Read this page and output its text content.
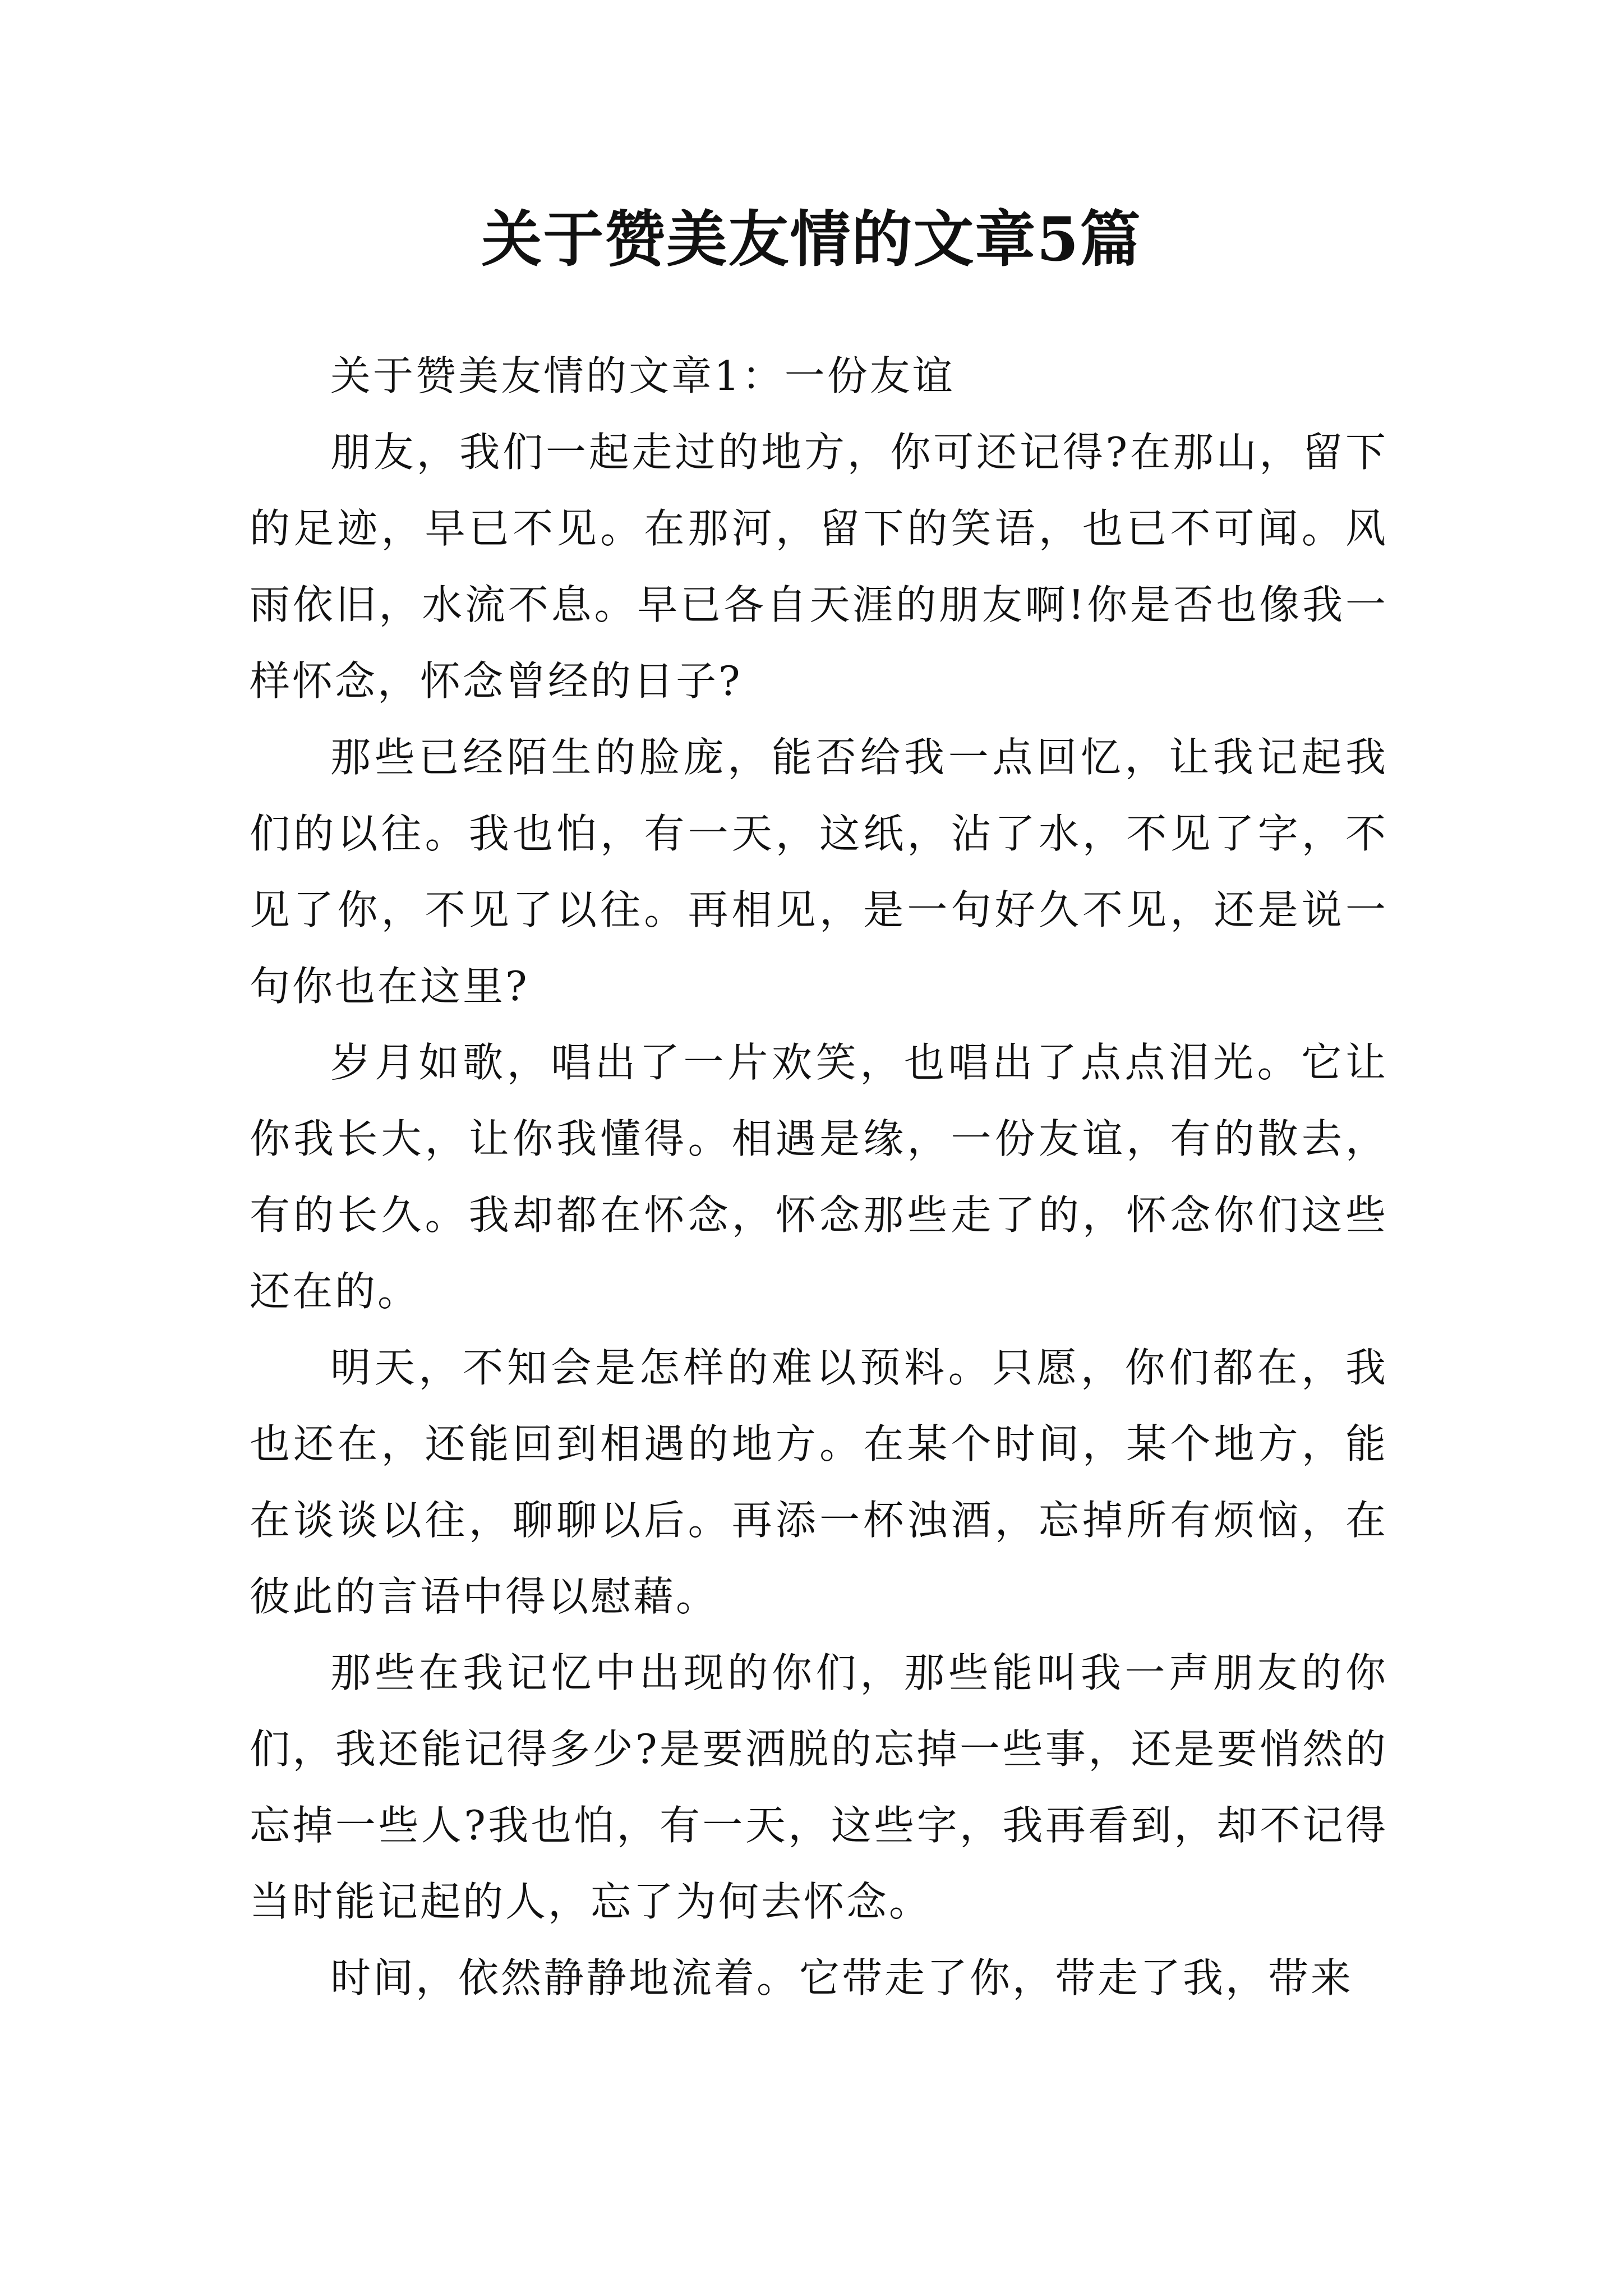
关于赞美友情的文章5篇

关于赞美友情的文章1：一份友谊

朋友，我们一起走过的地方，你可还记得?在那山，留下的足迹，早已不见。在那河，留下的笑语，也已不可闻。风雨依旧，水流不息。早已各自天涯的朋友啊!你是否也像我一样怀念，怀念曾经的日子?

那些已经陌生的脸庞，能否给我一点回忆，让我记起我们的以往。我也怕，有一天，这纸，沾了水，不见了字，不见了你，不见了以往。再相见，是一句好久不见，还是说一句你也在这里?

岁月如歌，唱出了一片欢笑，也唱出了点点泪光。它让你我长大，让你我懂得。相遇是缘，一份友谊，有的散去，有的长久。我却都在怀念，怀念那些走了的，怀念你们这些还在的。

明天，不知会是怎样的难以预料。只愿，你们都在，我也还在，还能回到相遇的地方。在某个时间，某个地方，能在谈谈以往，聊聊以后。再添一杯浊酒，忘掉所有烦恼，在彼此的言语中得以慰藉。

那些在我记忆中出现的你们，那些能叫我一声朋友的你们，我还能记得多少?是要洒脱的忘掉一些事，还是要悄然的忘掉一些人?我也怕，有一天，这些字，我再看到，却不记得当时能记起的人，忘了为何去怀念。

时间，依然静静地流着。它带走了你，带走了我，带来
